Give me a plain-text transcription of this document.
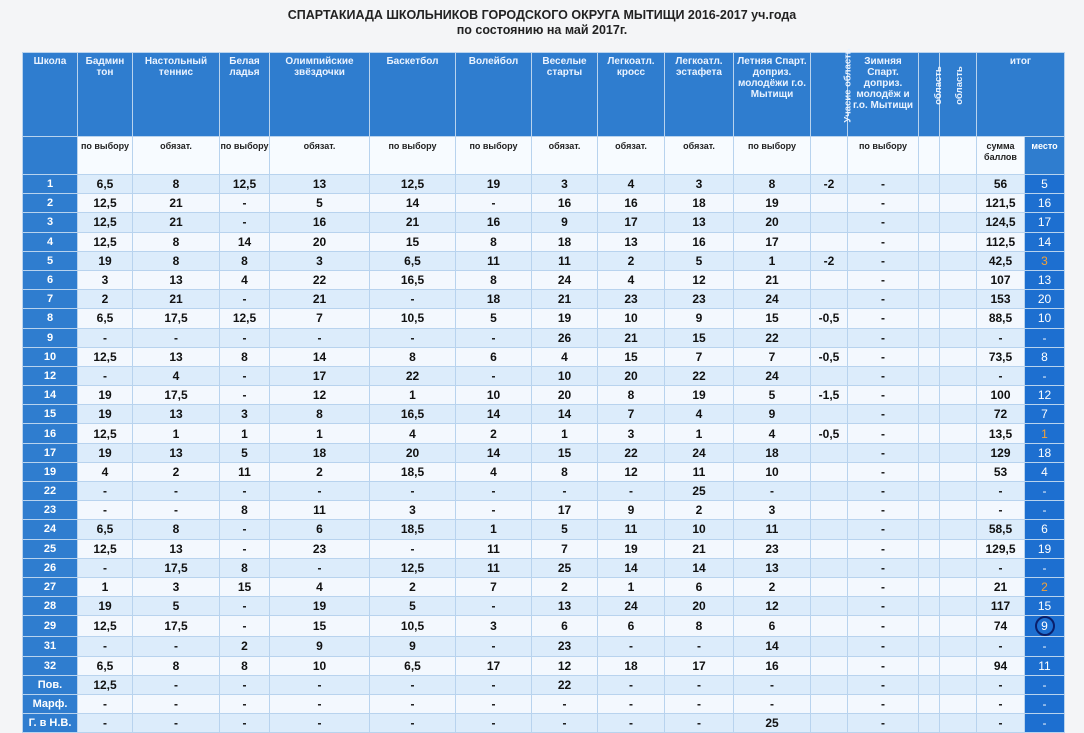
СПАРТАКИАДА ШКОЛЬНИКОВ ГОРОДСКОГО ОКРУГА МЫТИЩИ 2016-2017 уч.года
по состоянию на май 2017г.
Школа	Бадмин тон	Настольный теннис	Белая ладья	Олимпийские звёздочки	Баскетбол	Волейбол	Веселые старты	Легкоатл. кросс	Легкоатл. эстафета	Летняя Спарт. доприз. молодёжи г.о. Мытищи	Учасие область	Зимняя Спарт. доприз. молодёж и г.о. Мытищи	область	область	итог	
	по выбору	обязат.	по выбору	обязат.	по выбору	по выбору	обязат.	обязат.	обязат.	по выбору		по выбору			сумма баллов	место
1	6,5	8	12,5	13	12,5	19	3	4	3	8	-2	-			56	5
2	12,5	21	-	5	14	-	16	16	18	19		-			121,5	16
3	12,5	21	-	16	21	16	9	17	13	20		-			124,5	17
4	12,5	8	14	20	15	8	18	13	16	17		-			112,5	14
5	19	8	8	3	6,5	11	11	2	5	1	-2	-			42,5	3
6	3	13	4	22	16,5	8	24	4	12	21		-			107	13
7	2	21	-	21	-	18	21	23	23	24		-			153	20
8	6,5	17,5	12,5	7	10,5	5	19	10	9	15	-0,5	-			88,5	10
9	-	-	-	-	-	-	26	21	15	22		-			-	-
10	12,5	13	8	14	8	6	4	15	7	7	-0,5	-			73,5	8
12	-	4	-	17	22	-	10	20	22	24		-			-	-
14	19	17,5	-	12	1	10	20	8	19	5	-1,5	-			100	12
15	19	13	3	8	16,5	14	14	7	4	9		-			72	7
16	12,5	1	1	1	4	2	1	3	1	4	-0,5	-			13,5	1
17	19	13	5	18	20	14	15	22	24	18		-			129	18
19	4	2	11	2	18,5	4	8	12	11	10		-			53	4
22	-	-	-	-	-	-	-	-	25	-		-			-	-
23	-	-	8	11	3	-	17	9	2	3		-			-	-
24	6,5	8	-	6	18,5	1	5	11	10	11		-			58,5	6
25	12,5	13	-	23	-	11	7	19	21	23		-			129,5	19
26	-	17,5	8	-	12,5	11	25	14	14	13		-			-	-
27	1	3	15	4	2	7	2	1	6	2		-			21	2
28	19	5	-	19	5	-	13	24	20	12		-			117	15
29	12,5	17,5	-	15	10,5	3	6	6	8	6		-			74	9
31	-	-	2	9	9	-	23	-	-	14		-			-	-
32	6,5	8	8	10	6,5	17	12	18	17	16		-			94	11
Пов.	12,5	-	-	-	-	-	22	-	-	-		-			-	-
Марф.	-	-	-	-	-	-	-	-	-	-		-			-	-
Г. в Н.В.	-	-	-	-	-	-	-	-	-	25		-			-	-
